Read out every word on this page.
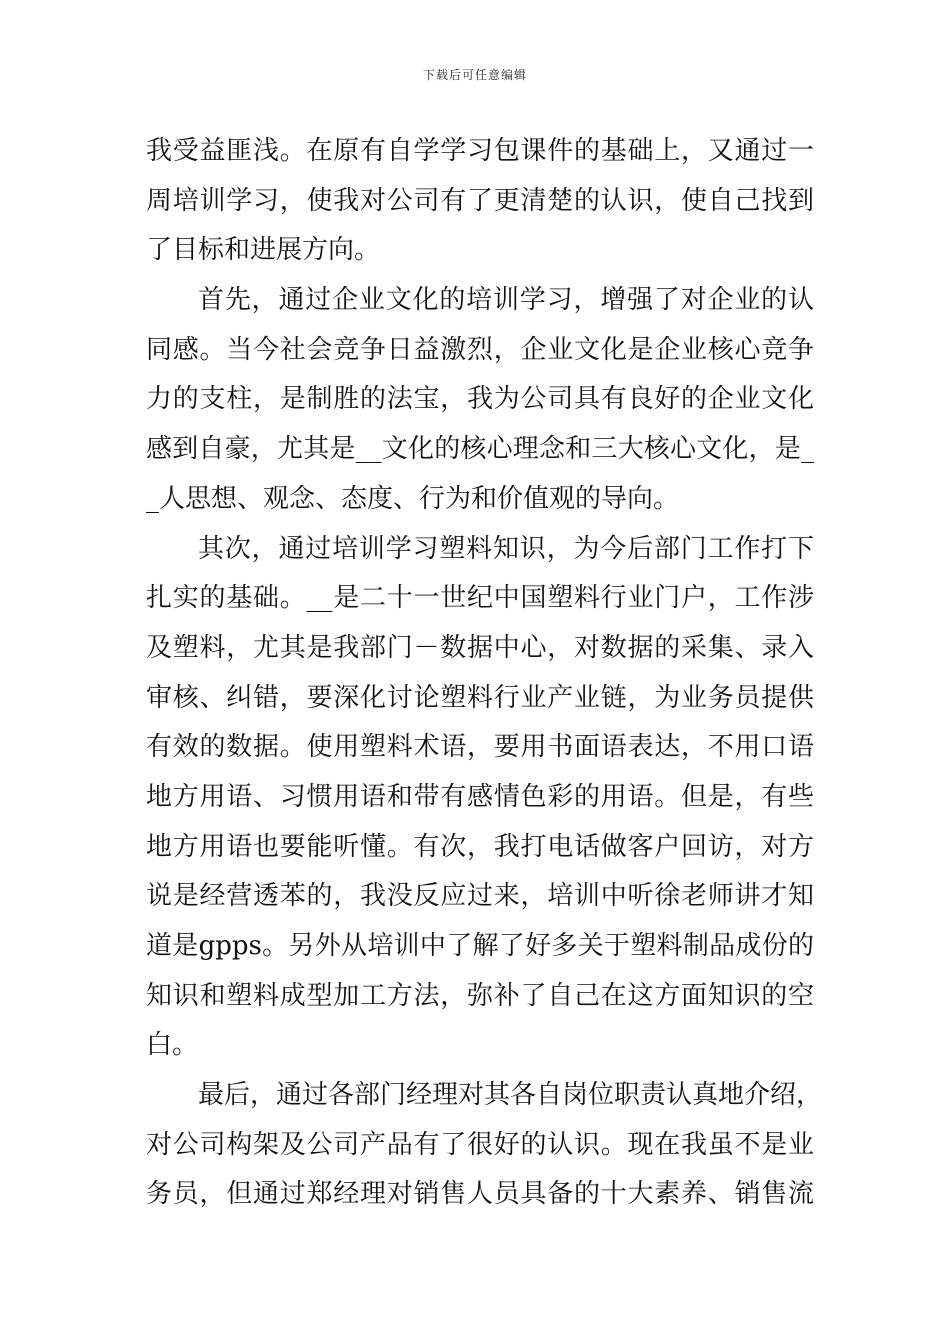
下载后可任意编辑
我受益匪浅。在原有自学学习包课件的基础上，又通过一
周培训学习，使我对公司有了更清楚的认识，使自己找到
了目标和进展方向。
首先，通过企业文化的培训学习，增强了对企业的认
同感。当今社会竞争日益激烈，企业文化是企业核心竞争
力的支柱，是制胜的法宝，我为公司具有良好的企业文化
感到自豪，尤其是__文化的核心理念和三大核心文化，是_
_人思想、观念、态度、行为和价值观的导向。
其次，通过培训学习塑料知识，为今后部门工作打下
扎实的基础。__是二十一世纪中国塑料行业门户，工作涉
及塑料，尤其是我部门－数据中心，对数据的采集、录入
审核、纠错，要深化讨论塑料行业产业链，为业务员提供
有效的数据。使用塑料术语，要用书面语表达，不用口语
地方用语、习惯用语和带有感情色彩的用语。但是，有些
地方用语也要能听懂。有次，我打电话做客户回访，对方
说是经营透苯的，我没反应过来，培训中听徐老师讲才知
道是gpps。另外从培训中了解了好多关于塑料制品成份的
知识和塑料成型加工方法，弥补了自己在这方面知识的空
白。
最后，通过各部门经理对其各自岗位职责认真地介绍，
对公司构架及公司产品有了很好的认识。现在我虽不是业
务员，但通过郑经理对销售人员具备的十大素养、销售流
